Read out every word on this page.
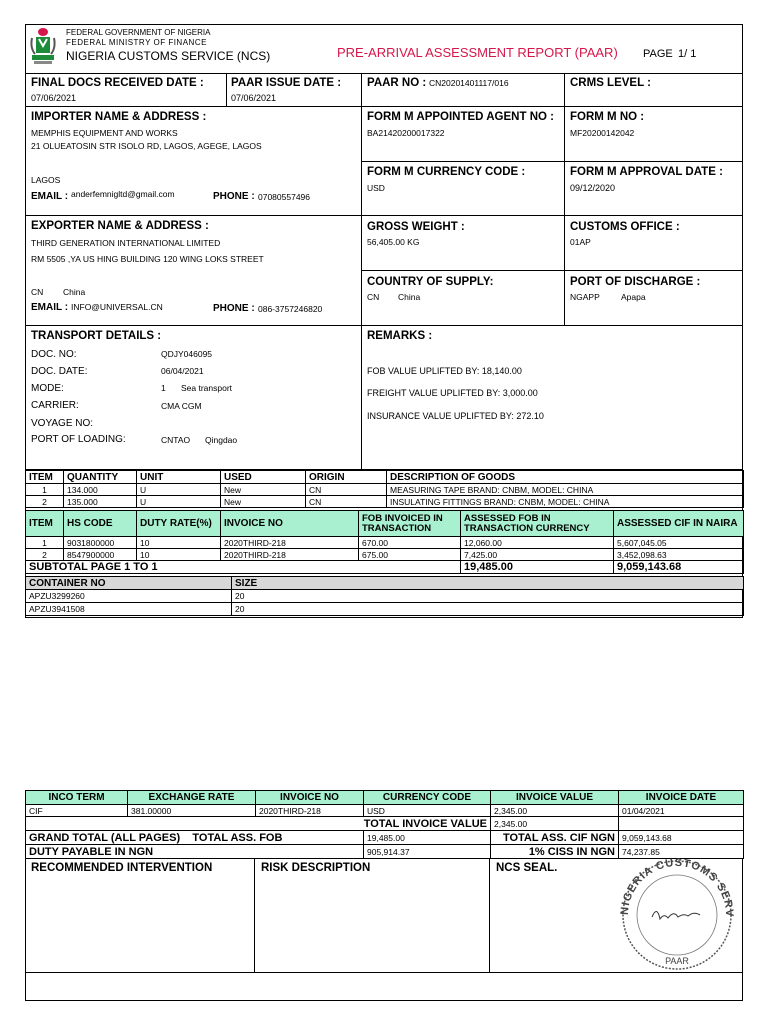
FEDERAL GOVERNMENT OF NIGERIA
FEDERAL MINISTRY OF FINANCE
NIGERIA CUSTOMS SERVICE (NCS)	PRE-ARRIVAL ASSESSMENT REPORT (PAAR) PAGE 1/ 1
FINAL DOCS RECEIVED DATE :
07/06/2021
PAAR ISSUE DATE :
07/06/2021
PAAR NO : CN20201401117/016	CRMS LEVEL :
IMPORTER NAME & ADDRESS :
MEMPHIS EQUIPMENT AND WORKS
21 OLUEATOSIN STR ISOLO RD, LAGOS, AGEGE, LAGOS
LAGOS
EMAIL : anderfemnigltd@gmail.com	PHONE : 07080557496
FORM M APPOINTED AGENT NO :
BA21420200017322
FORM M NO :
MF20200142042
FORM M CURRENCY CODE :
USD
FORM M APPROVAL DATE :
09/12/2020
EXPORTER NAME & ADDRESS :
THIRD GENERATION INTERNATIONAL LIMITED
RM 5505 ,YA US HING BUILDING 120 WING LOKS STREET
CN China
EMAIL : INFO@UNIVERSAL.CN	PHONE : 086-3757246820
GROSS WEIGHT :
56,405.00 KG
CUSTOMS OFFICE :
01AP
COUNTRY OF SUPPLY:
CN China
PORT OF DISCHARGE :
NGAPP Apapa
TRANSPORT DETAILS :
DOC. NO:	QDJY046095
DOC. DATE:	06/04/2021
MODE:	1 Sea transport
CARRIER:	CMA CGM
VOYAGE NO:
PORT OF LOADING:	CNTAO Qingdao
REMARKS :
FOB VALUE UPLIFTED BY: 18,140.00
FREIGHT VALUE UPLIFTED BY: 3,000.00
INSURANCE VALUE UPLIFTED BY: 272.10
ITEM	QUANTITY	UNIT	USED	ORIGIN	DESCRIPTION OF GOODS
1	134.000	U	New	CN	MEASURING TAPE BRAND: CNBM, MODEL: CHINA
2	135.000	U	New	CN	INSULATING FITTINGS BRAND: CNBM, MODEL: CHINA
ITEM	HS CODE	DUTY RATE(%)	INVOICE NO	FOB INVOICED IN TRANSACTION	ASSESSED FOB IN TRANSACTION CURRENCY	ASSESSED CIF IN NAIRA
1	9031800000	10	2020THIRD-218	670.00	12,060.00	5,607,045.05
2	8547900000	10	2020THIRD-218	675.00	7,425.00	3,452,098.63
SUBTOTAL PAGE 1 TO 1					19,485.00	9,059,143.68
CONTAINER NO	SIZE
APZU3299260	20
APZU3941508	20
INCO TERM	EXCHANGE RATE	INVOICE NO	CURRENCY CODE	INVOICE VALUE	INVOICE DATE
CIF	381.00000	2020THIRD-218	USD	2,345.00	01/04/2021
TOTAL INVOICE VALUE				2,345.00	
GRAND TOTAL (ALL PAGES) TOTAL ASS. FOB			19,485.00	TOTAL ASS. CIF NGN	9,059,143.68
DUTY PAYABLE IN NGN			905,914.37	1% CISS IN NGN	74,237.85
RECOMMENDED INTERVENTION	RISK DESCRIPTION	NCS SEAL.
NIGERIA CUSTOMS SERV
PAAR
